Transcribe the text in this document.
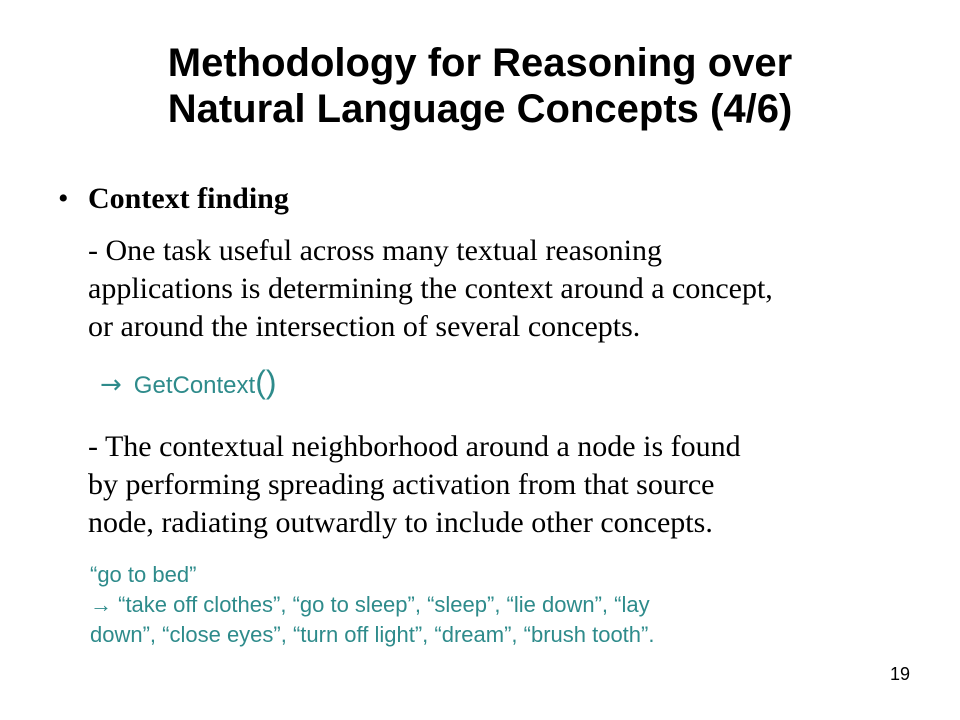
Methodology for Reasoning over
Natural Language Concepts (4/6)
• Context finding
- One task useful across many textual reasoning
applications is determining the context around a concept,
or around the intersection of several concepts.
→ GetContext()
- The contextual neighborhood around a node is found
by performing spreading activation from that source
node, radiating outwardly to include other concepts.
“go to bed”
→ “take off clothes”, “go to sleep”, “sleep”, “lie down”, “lay
down”, “close eyes”, “turn off light”, “dream”, “brush tooth”.
19
